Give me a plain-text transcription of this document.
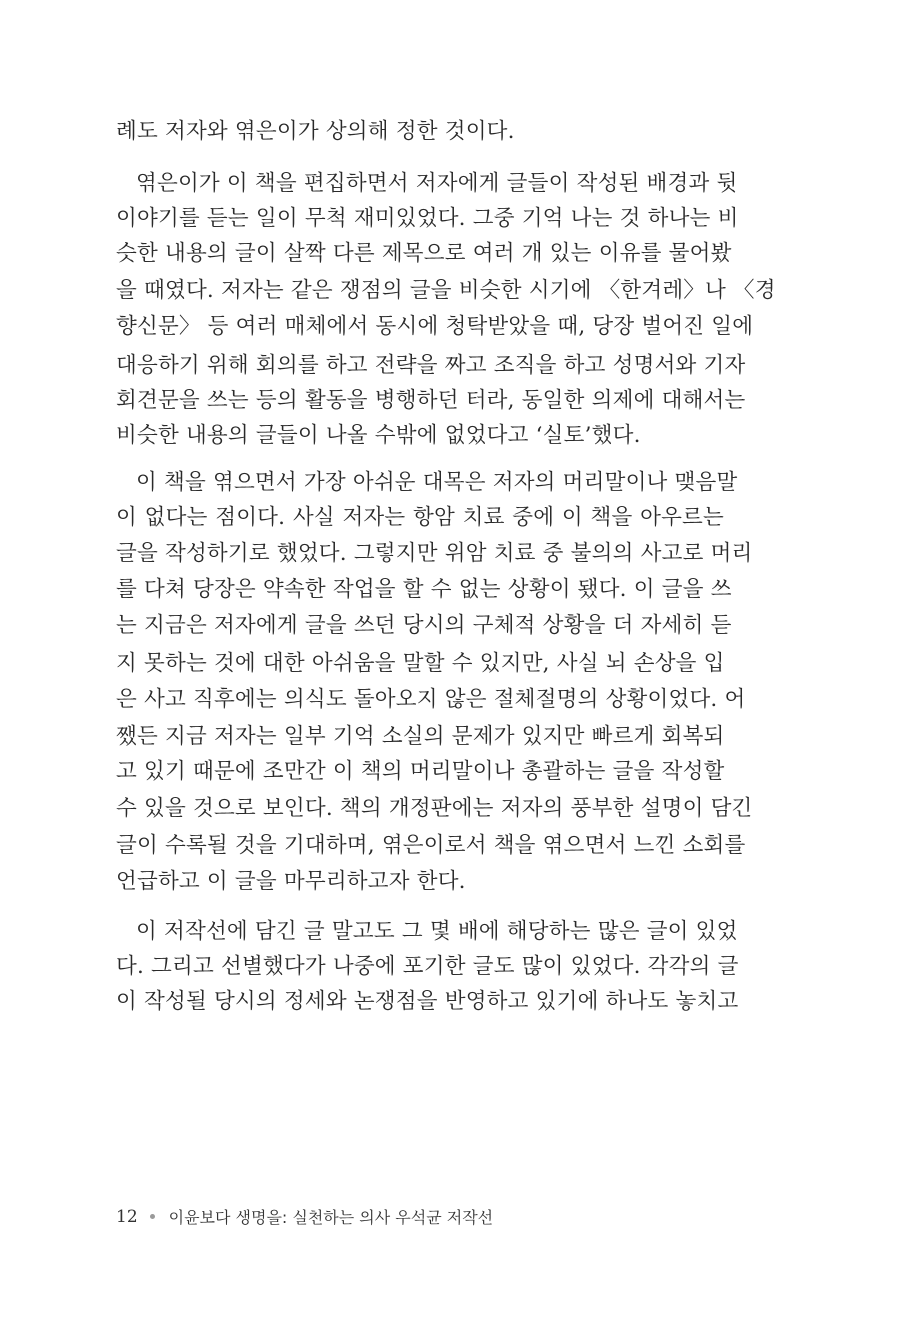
례도 저자와 엮은이가 상의해 정한 것이다.
엮은이가 이 책을 편집하면서 저자에게 글들이 작성된 배경과 뒷
이야기를 듣는 일이 무척 재미있었다. 그중 기억 나는 것 하나는 비
슷한 내용의 글이 살짝 다른 제목으로 여러 개 있는 이유를 물어봤
을 때였다. 저자는 같은 쟁점의 글을 비슷한 시기에 〈한겨레〉나 〈경
향신문〉 등 여러 매체에서 동시에 청탁받았을 때, 당장 벌어진 일에
대응하기 위해 회의를 하고 전략을 짜고 조직을 하고 성명서와 기자
회견문을 쓰는 등의 활동을 병행하던 터라, 동일한 의제에 대해서는
비슷한 내용의 글들이 나올 수밖에 없었다고 ‘실토’했다.
이 책을 엮으면서 가장 아쉬운 대목은 저자의 머리말이나 맺음말
이 없다는 점이다. 사실 저자는 항암 치료 중에 이 책을 아우르는
글을 작성하기로 했었다. 그렇지만 위암 치료 중 불의의 사고로 머리
를 다쳐 당장은 약속한 작업을 할 수 없는 상황이 됐다. 이 글을 쓰
는 지금은 저자에게 글을 쓰던 당시의 구체적 상황을 더 자세히 듣
지 못하는 것에 대한 아쉬움을 말할 수 있지만, 사실 뇌 손상을 입
은 사고 직후에는 의식도 돌아오지 않은 절체절명의 상황이었다. 어
쨌든 지금 저자는 일부 기억 소실의 문제가 있지만 빠르게 회복되
고 있기 때문에 조만간 이 책의 머리말이나 총괄하는 글을 작성할
수 있을 것으로 보인다. 책의 개정판에는 저자의 풍부한 설명이 담긴
글이 수록될 것을 기대하며, 엮은이로서 책을 엮으면서 느낀 소회를
언급하고 이 글을 마무리하고자 한다.
이 저작선에 담긴 글 말고도 그 몇 배에 해당하는 많은 글이 있었
다. 그리고 선별했다가 나중에 포기한 글도 많이 있었다. 각각의 글
이 작성될 당시의 정세와 논쟁점을 반영하고 있기에 하나도 놓치고
12 이윤보다 생명을: 실천하는 의사 우석균 저작선
